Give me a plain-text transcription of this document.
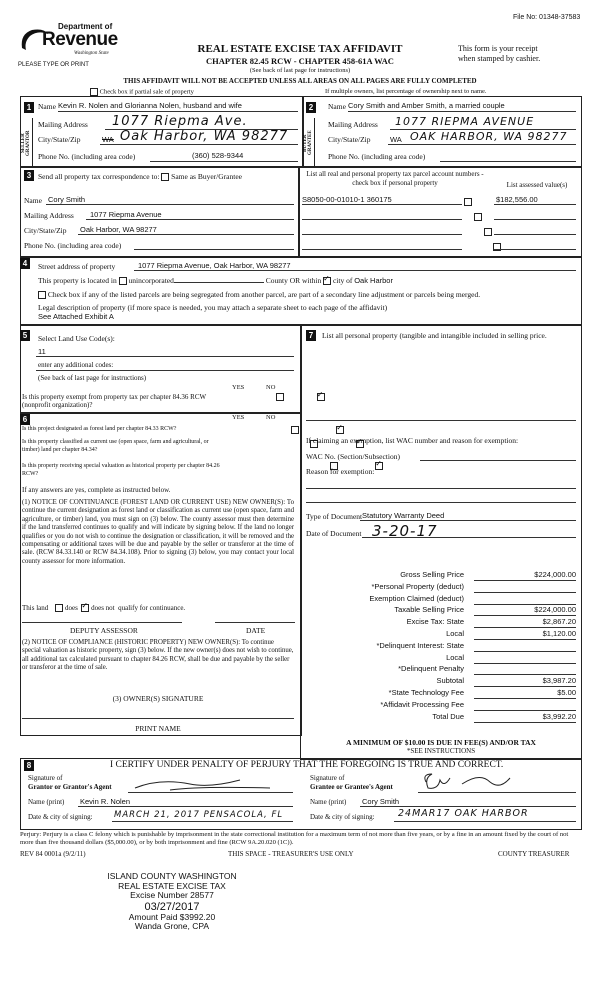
File No: 01348-37583
Department of
Revenue
Washington State
PLEASE TYPE OR PRINT
REAL ESTATE EXCISE TAX AFFIDAVIT
CHAPTER 82.45 RCW - CHAPTER 458-61A WAC
(See back of last page for instructions)
This form is your receipt
when stamped by cashier.
THIS AFFIDAVIT WILL NOT BE ACCEPTED UNLESS ALL AREAS ON ALL PAGES ARE FULLY COMPLETED
Check box if partial sale of property	If multiple owners, list percentage of ownership next to name.
1	2
SELLER GRANTOR	BUYER GRANTEE
Name Kevin R. Nolen and Glorianna Nolen, husband and wife
Mailing Address 1077 Riepma Ave.
City/State/Zip	WA Oak Harbor, WA 98277
Phone No. (including area code)	(360) 528-9344
Name Cory Smith and Amber Smith, a married couple
Mailing Address 1077 RIEPMA AVENUE
City/State/Zip	WA OAK HARBOR, WA 98277
Phone No. (including area code)
3 Send all property tax correspondence to: Same as Buyer/Grantee
Name Cory Smith
Mailing Address 1077 Riepma Avenue
City/State/Zip Oak Harbor, WA 98277
Phone No. (including area code)
List all real and personal property tax parcel account numbers - check box if personal property	List assessed value(s)
S8050-00-01010-1 360175	$182,556.00

4	Street address of property	1077 Riepma Avenue, Oak Harbor, WA 98277
This property is located in unincorporated	County OR within ✓ city of Oak Harbor
Check box if any of the listed parcels are being segregated from another parcel, are part of a secondary line adjustment or parcels being merged.
Legal description of property (if more space is needed, you may attach a separate sheet to each page of the affidavit)
See Attached Exhibit A
5	Select Land Use Code(s):
11
enter any additional codes:
(See back of last page for instructions)
YES	NO
Is this property exempt from property tax per chapter 84.36 RCW (nonprofit organization)?
✓
6	YES	NO
Is this project designated as forest land per chapter 84.33 RCW?
✓
Is this property classified as current use (open space, farm and agricultural, or timber) land per chapter 84.34?
✓
Is this property receiving special valuation as historical property per chapter 84.26 RCW?
✓
If any answers are yes, complete as instructed below.
(1) NOTICE OF CONTINUANCE (FOREST LAND OR CURRENT USE) NEW OWNER(S): To continue the current designation as forest land or classification as current use (open space, farm and agriculture, or timber) land, you must sign on (3) below. The county assessor must then determine if the land transferred continues to qualify and will indicate by signing below. If the land no longer qualifies or you do not wish to continue the designation or classification, it will be removed and the compensating or additional taxes will be due and payable by the seller or transferor at the time of sale. (RCW 84.33.140 or RCW 84.34.108). Prior to signing (3) below, you may contact your local county assessor for more information.
This land does ✓ does not qualify for continuance.
DEPUTY ASSESSOR	DATE
(2) NOTICE OF COMPLIANCE (HISTORIC PROPERTY) NEW OWNER(S): To continue special valuation as historic property, sign (3) below. If the new owner(s) does not wish to continue, all additional tax calculated pursuant to chapter 84.26 RCW, shall be due and payable by the seller or transferor at the time of sale.
(3) OWNER(S) SIGNATURE
PRINT NAME
7	List all personal property (tangible and intangible included in selling price.
If claiming an exemption, list WAC number and reason for exemption:
WAC No. (Section/Subsection)
Reason for exemption:
Type of Document Statutory Warranty Deed
Date of Document 3-20-17
Gross Selling Price	$224,000.00
*Personal Property (deduct)
Exemption Claimed (deduct)
Taxable Selling Price	$224,000.00
Excise Tax: State	$2,867.20
Local	$1,120.00
*Delinquent Interest: State
Local
*Delinquent Penalty
Subtotal	$3,987.20
*State Technology Fee	$5.00
*Affidavit Processing Fee
Total Due	$3,992.20
A MINIMUM OF $10.00 IS DUE IN FEE(S) AND/OR TAX
*SEE INSTRUCTIONS
8	I CERTIFY UNDER PENALTY OF PERJURY THAT THE FOREGOING IS TRUE AND CORRECT.
Signature of
Grantor or Grantor's Agent
Name (print) Kevin R. Nolen
Date & city of signing:	MARCH 21, 2017 PENSACOLA, FL
Signature of
Grantee or Grantee's Agent
Name (print) Cory Smith
Date & city of signing: 24MAR17 OAK HARBOR
Perjury: Perjury is a class C felony which is punishable by imprisonment in the state correctional institution for a maximum term of not more than five years, or by a fine in an amount fixed by the court of not more than five thousand dollars ($5,000.00), or by both imprisonment and fine (RCW 9A.20.020 (1C)).
REV 84 0001a (9/2/11)	THIS SPACE - TREASURER'S USE ONLY	COUNTY TREASURER
ISLAND COUNTY WASHINGTON
REAL ESTATE EXCISE TAX
Excise Number 28577
03/27/2017
Amount Paid $3992.20
Wanda Grone, CPA
